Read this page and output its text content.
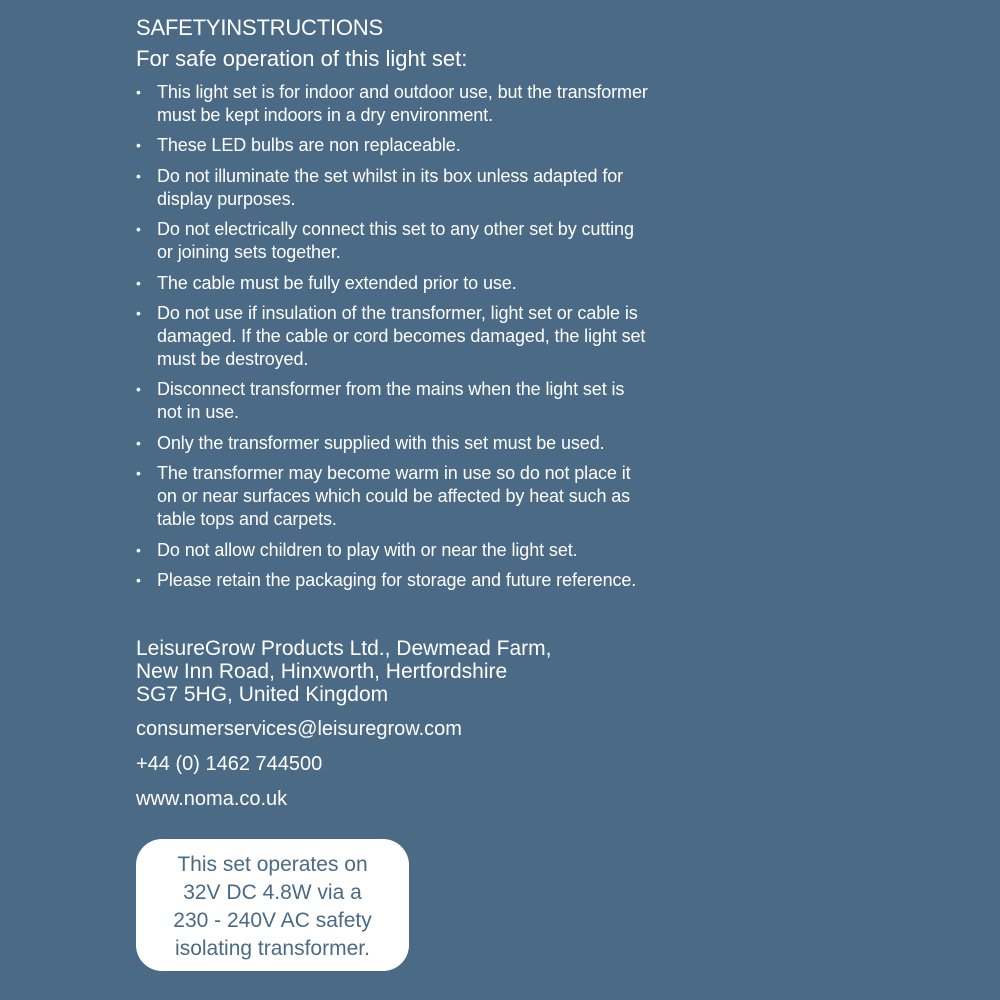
SAFETYINSTRUCTIONS
For safe operation of this light set:
• This light set is for indoor and outdoor use, but the transformer
must be kept indoors in a dry environment.
• These LED bulbs are non replaceable.
• Do not illuminate the set whilst in its box unless adapted for
display purposes.
• Do not electrically connect this set to any other set by cutting
or joining sets together.
• The cable must be fully extended prior to use.
• Do not use if insulation of the transformer, light set or cable is
damaged. If the cable or cord becomes damaged, the light set
must be destroyed.
• Disconnect transformer from the mains when the light set is
not in use.
• Only the transformer supplied with this set must be used.
• The transformer may become warm in use so do not place it
on or near surfaces which could be affected by heat such as
table tops and carpets.
• Do not allow children to play with or near the light set.
• Please retain the packaging for storage and future reference.
LeisureGrow Products Ltd., Dewmead Farm,
New Inn Road, Hinxworth, Hertfordshire
SG7 5HG, United Kingdom
consumerservices@leisuregrow.com
+44 (0) 1462 744500
www.noma.co.uk
This set operates on
32V DC 4.8W via a
230 - 240V AC safety
isolating transformer.
